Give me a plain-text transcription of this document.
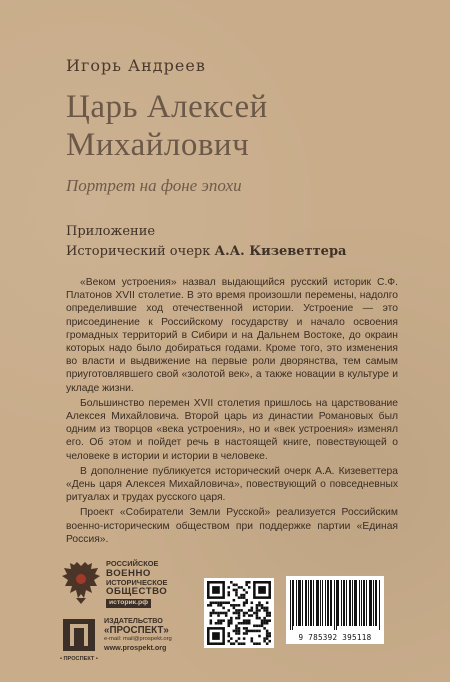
Игорь Андреев
Царь Алексей
Михайлович
Портрет на фоне эпохи
Приложение
Исторический очерк А.А. Кизеветтера

«Веком устроения» назвал выдающийся русский историк С.Ф. Платонов XVII столетие. В это время произошли перемены, надолго определившие ход отечественной истории. Устроение — это присоединение к Российскому государству и начало освоения громадных территорий в Сибири и на Дальнем Востоке, до окраин которых надо было добираться годами. Кроме того, это изменения во власти и выдвижение на первые роли дворянства, тем самым приуготовлявшего свой «золотой век», а также новации в культуре и укладе жизни.

Большинство перемен XVII столетия пришлось на царствование Алексея Михайловича. Второй царь из династии Романовых был одним из творцов «века устроения», но и «век устроения» изменял его. Об этом и пойдет речь в настоящей книге, повествующей о человеке в истории и истории в человеке.

В дополнение публикуется исторический очерк А.А. Кизеветтера «День царя Алексея Михайловича», повествующий о повседневных ритуалах и трудах русского царя.

Проект «Собиратели Земли Русской» реализуется Российским военно-историческим обществом при поддержке партии «Единая Россия».

РОССИЙСКОЕ
ВОЕННО
ИСТОРИЧЕСКОЕ
ОБЩЕСТВО
историк.рф
ИЗДАТЕЛЬСТВО
«ПРОСПЕКТ»
e-mail: mail@prospekt.org
www.prospekt.org
• ПРОСПЕКТ •
9 785392 395118
